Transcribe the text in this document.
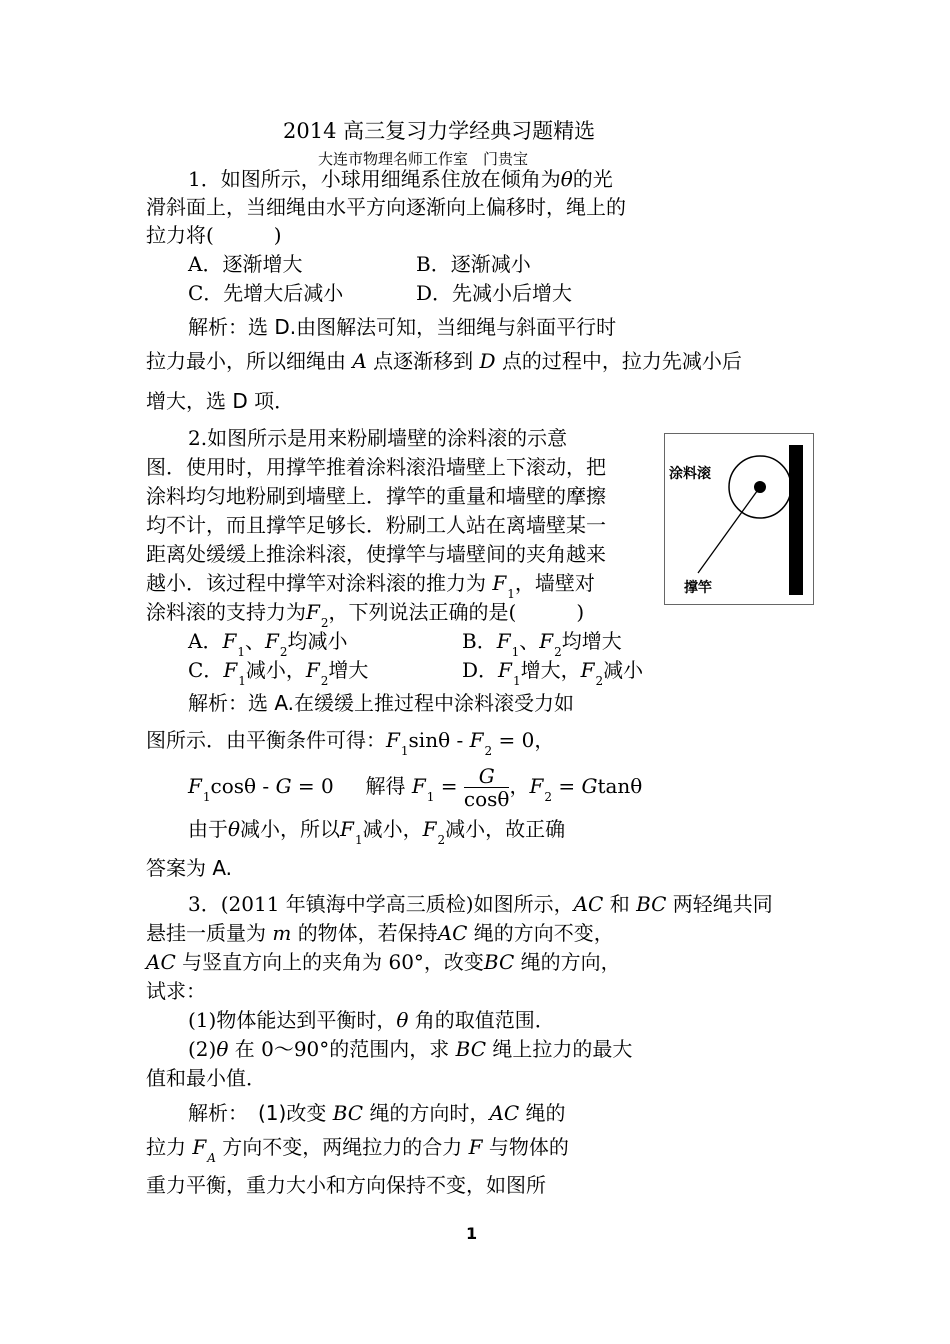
2014 高三复习力学经典习题精选
大连市物理名师工作室　门贵宝
1．如图所示，小球用细绳系住放在倾角为θ的光
滑斜面上，当细绳由水平方向逐渐向上偏移时，绳上的
拉力将(　　　)
A．逐渐增大	B．逐渐减小
C．先增大后减小	D．先减小后增大
解析：选 D.由图解法可知，当细绳与斜面平行时
拉力最小，所以细绳由 A 点逐渐移到 D 点的过程中，拉力先减小后
增大，选 D 项．
2.如图所示是用来粉刷墙壁的涂料滚的示意
图．使用时，用撑竿推着涂料滚沿墙壁上下滚动，把
涂料均匀地粉刷到墙壁上．撑竿的重量和墙壁的摩擦
均不计，而且撑竿足够长．粉刷工人站在离墙壁某一
距离处缓缓上推涂料滚，使撑竿与墙壁间的夹角越来
越小．该过程中撑竿对涂料滚的推力为 $F_1$，墙壁对
涂料滚的支持力为$F_2$，下列说法正确的是(　　　)
A．$F_1$、$F_2$均减小	B．$F_1$、$F_2$均增大
C．$F_1$减小，$F_2$增大	D．$F_1$增大，$F_2$减小
解析：选 A.在缓缓上推过程中涂料滚受力如
图所示．由平衡条件可得：$F_1\sin\theta - F_2 = 0$，
$F_1\cos\theta - G = 0$ 解得 $F_1 = \frac{G}{\cos\theta}$ ，$F_2 = Gtan\theta$
由于θ减小，所以$F_1$减小，$F_2$减小，故正确
答案为 A.
涂料滚
撑竿
3．(2011 年镇海中学高三质检)如图所示，AC 和 BC 两轻绳共同
悬挂一质量为 m 的物体，若保持AC 绳的方向不变，
AC 与竖直方向上的夹角为 60°，改变BC 绳的方向，
试求：
(1)物体能达到平衡时，θ 角的取值范围．
(2)θ 在 0～90°的范围内，求 BC 绳上拉力的最大
值和最小值．
解析：　(1)改变 BC 绳的方向时，AC 绳的
拉力 $F_A$ 方向不变，两绳拉力的合力 F 与物体的
重力平衡，重力大小和方向保持不变，如图所
1
